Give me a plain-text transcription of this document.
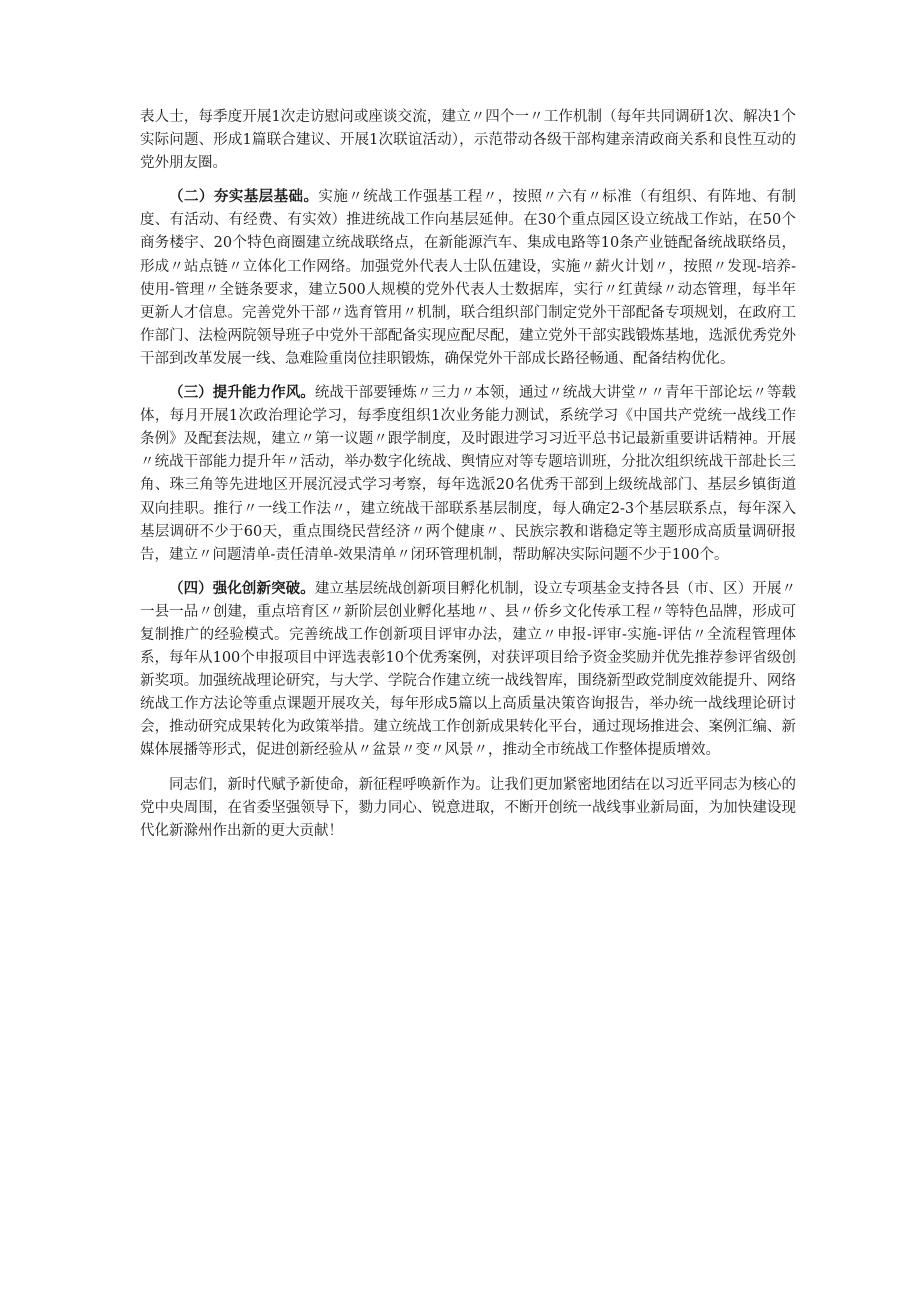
表人士，每季度开展1次走访慰问或座谈交流，建立〃四个一〃工作机制（每年共同调研1次、解决1个实际问题、形成1篇联合建议、开展1次联谊活动），示范带动各级干部构建亲清政商关系和良性互动的党外朋友圈。

（二）夯实基层基础。实施〃统战工作强基工程〃，按照〃六有〃标准（有组织、有阵地、有制度、有活动、有经费、有实效）推进统战工作向基层延伸。在30个重点园区设立统战工作站，在50个商务楼宇、20个特色商圈建立统战联络点，在新能源汽车、集成电路等10条产业链配备统战联络员，形成〃站点链〃立体化工作网络。加强党外代表人士队伍建设，实施〃薪火计划〃，按照〃发现-培养-使用-管理〃全链条要求，建立500人规模的党外代表人士数据库，实行〃红黄绿〃动态管理，每半年更新人才信息。完善党外干部〃选育管用〃机制，联合组织部门制定党外干部配备专项规划，在政府工作部门、法检两院领导班子中党外干部配备实现应配尽配，建立党外干部实践锻炼基地，选派优秀党外干部到改革发展一线、急难险重岗位挂职锻炼，确保党外干部成长路径畅通、配备结构优化。

（三）提升能力作风。统战干部要锤炼〃三力〃本领，通过〃统战大讲堂〃〃青年干部论坛〃等载体，每月开展1次政治理论学习，每季度组织1次业务能力测试，系统学习《中国共产党统一战线工作条例》及配套法规，建立〃第一议题〃跟学制度，及时跟进学习习近平总书记最新重要讲话精神。开展〃统战干部能力提升年〃活动，举办数字化统战、舆情应对等专题培训班，分批次组织统战干部赴长三角、珠三角等先进地区开展沉浸式学习考察，每年选派20名优秀干部到上级统战部门、基层乡镇街道双向挂职。推行〃一线工作法〃，建立统战干部联系基层制度，每人确定2-3个基层联系点，每年深入基层调研不少于60天，重点围绕民营经济〃两个健康〃、民族宗教和谐稳定等主题形成高质量调研报告，建立〃问题清单-责任清单-效果清单〃闭环管理机制，帮助解决实际问题不少于100个。

（四）强化创新突破。建立基层统战创新项目孵化机制，设立专项基金支持各县（市、区）开展〃一县一品〃创建，重点培育区〃新阶层创业孵化基地〃、县〃侨乡文化传承工程〃等特色品牌，形成可复制推广的经验模式。完善统战工作创新项目评审办法，建立〃申报-评审-实施-评估〃全流程管理体系，每年从100个申报项目中评选表彰10个优秀案例，对获评项目给予资金奖励并优先推荐参评省级创新奖项。加强统战理论研究，与大学、学院合作建立统一战线智库，围绕新型政党制度效能提升、网络统战工作方法论等重点课题开展攻关，每年形成5篇以上高质量决策咨询报告，举办统一战线理论研讨会，推动研究成果转化为政策举措。建立统战工作创新成果转化平台，通过现场推进会、案例汇编、新媒体展播等形式，促进创新经验从〃盆景〃变〃风景〃，推动全市统战工作整体提质增效。

同志们，新时代赋予新使命，新征程呼唤新作为。让我们更加紧密地团结在以习近平同志为核心的党中央周围，在省委坚强领导下，勠力同心、锐意进取，不断开创统一战线事业新局面，为加快建设现代化新滁州作出新的更大贡献！
